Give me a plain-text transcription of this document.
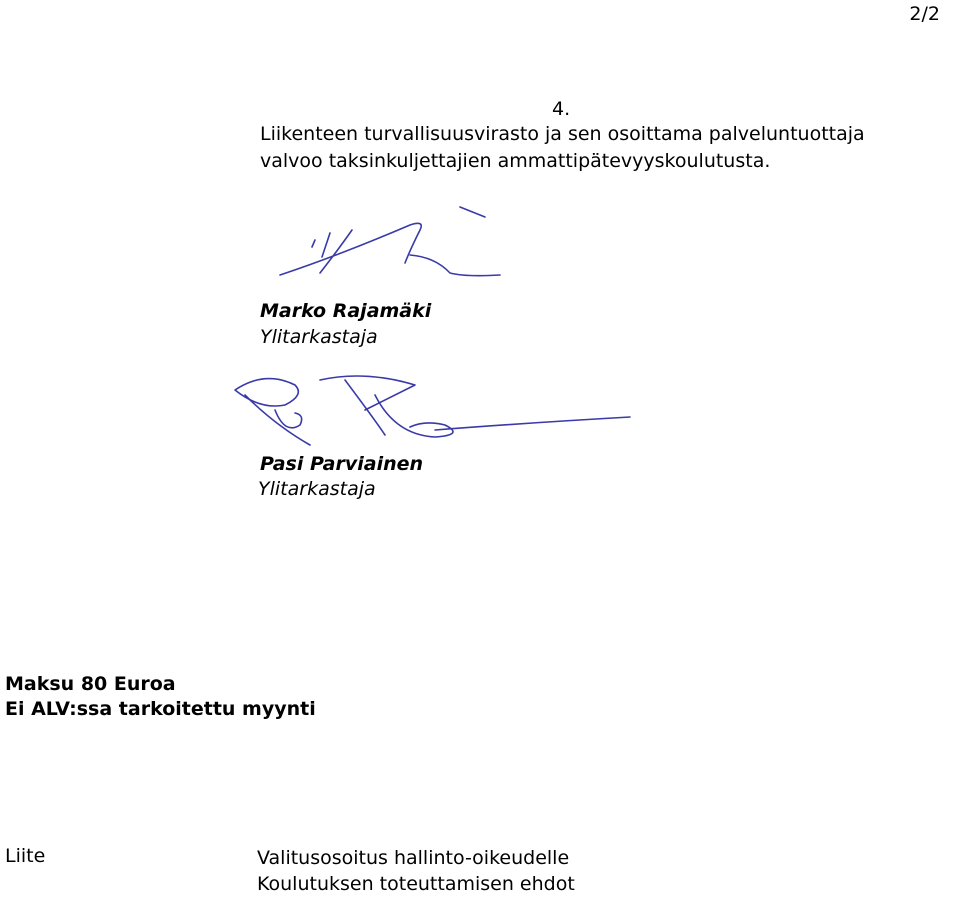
2/2
4.
Liikenteen turvallisuusvirasto ja sen osoittama palveluntuottaja
valvoo taksinkuljettajien ammattipätevyyskoulutusta.
Marko Rajamäki
Ylitarkastaja
Pasi Parviainen
Ylitarkastaja
Maksu 80 Euroa
Ei ALV:ssa tarkoitettu myynti
Liite	Valitusosoitus hallinto-oikeudelle
Koulutuksen toteuttamisen ehdot
